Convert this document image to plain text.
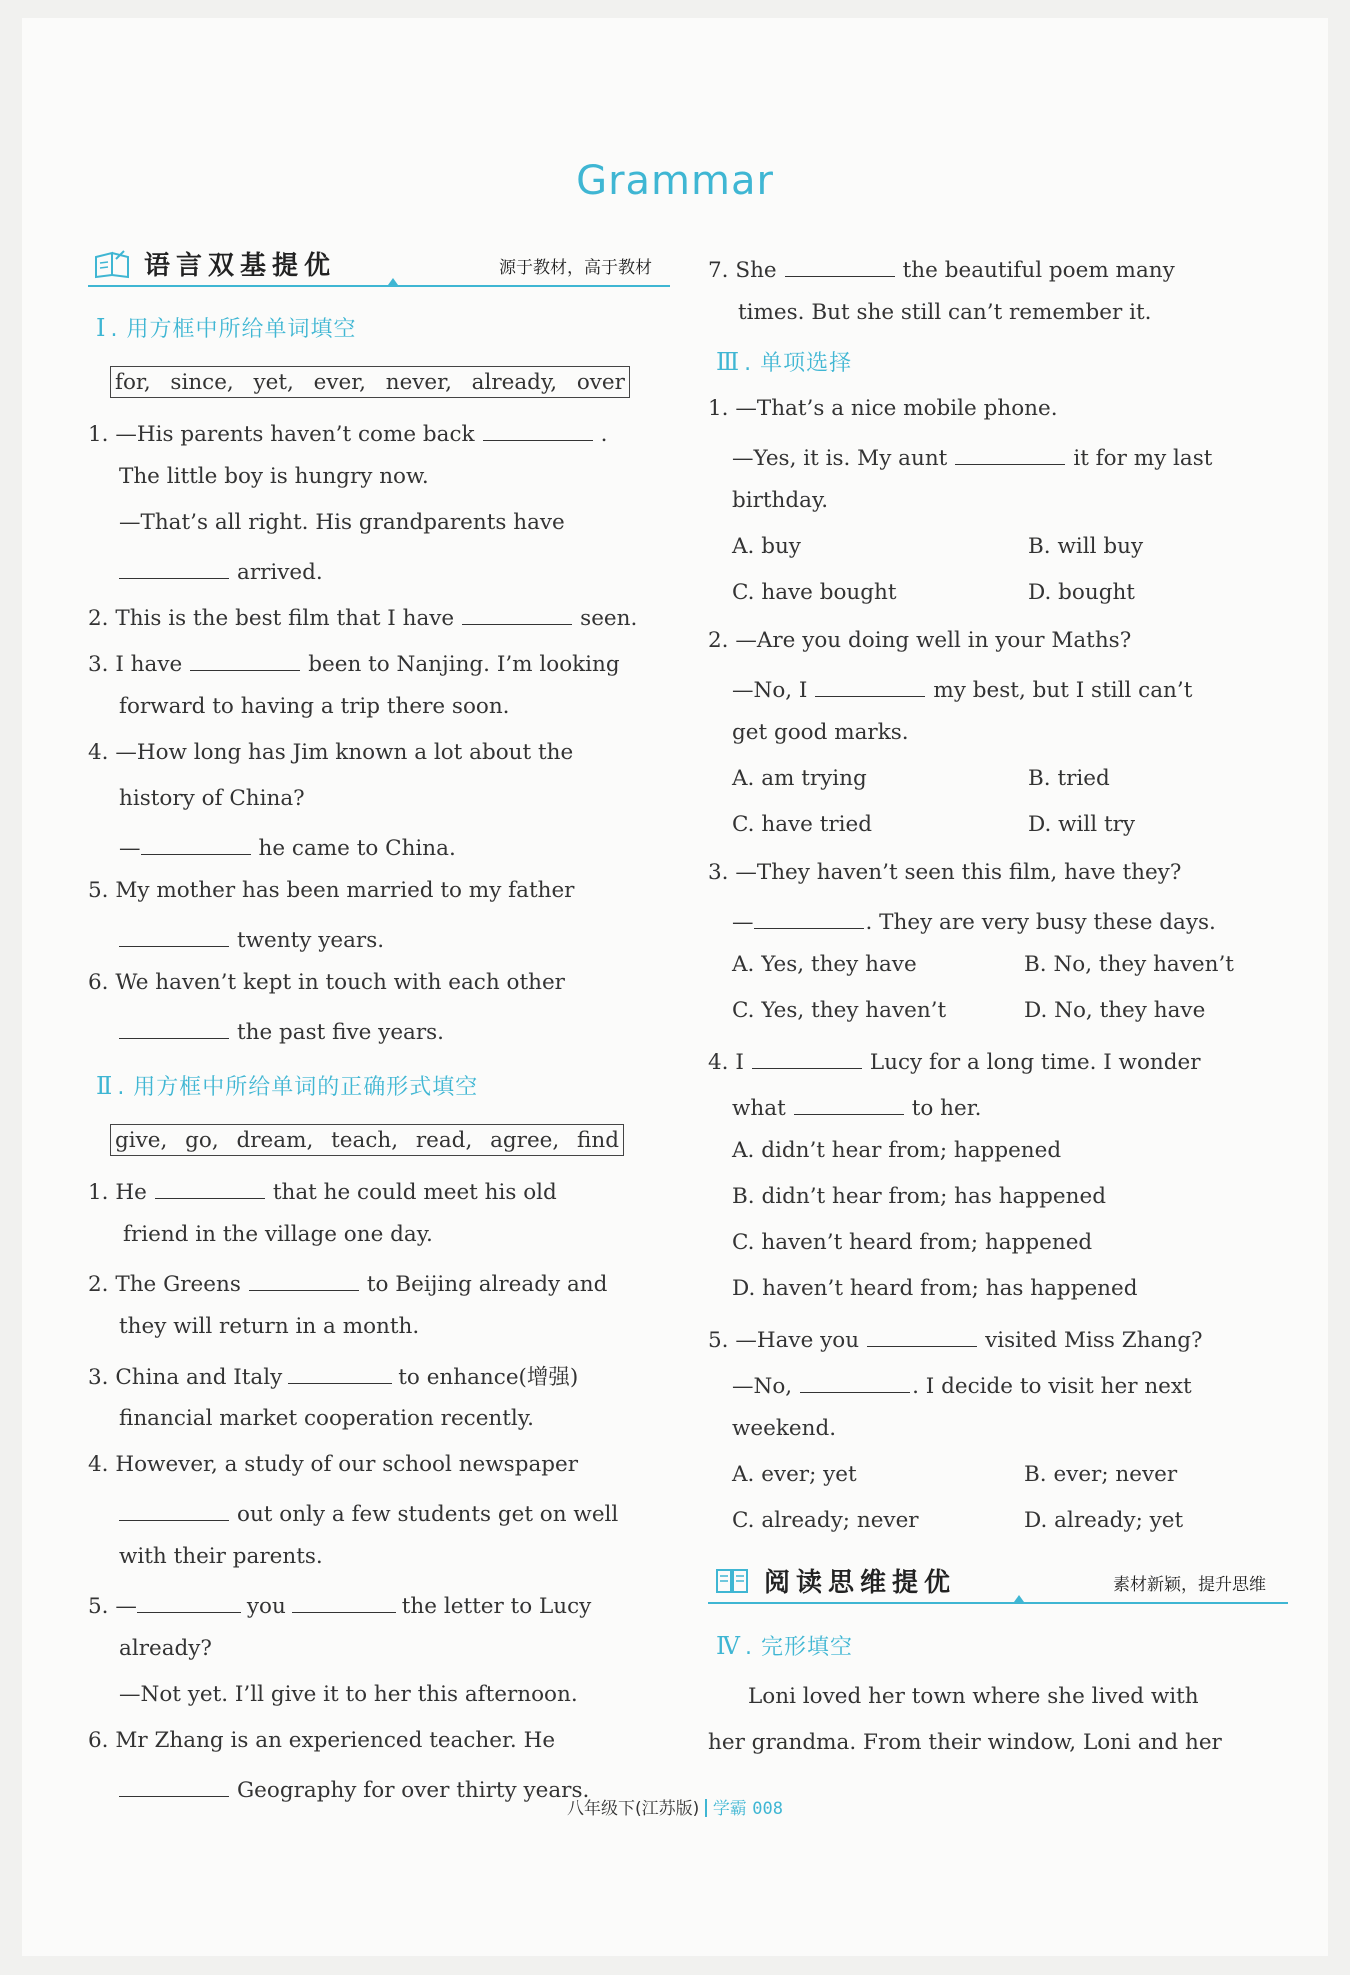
Grammar
语言双基提优	源于教材，高于教材
Ⅰ . 用方框中所给单词填空
for, since, yet, ever, never, already, over
1. —His parents haven’t come back	.
The little boy is hungry now.
—That’s all right. His grandparents have
arrived.
2. This is the best film that I have	seen.
3. I have	been to Nanjing. I’m looking
forward to having a trip there soon.
4. —How long has Jim known a lot about the
history of China?
—	he came to China.
5. My mother has been married to my father
twenty years.
6. We haven’t kept in touch with each other
the past five years.
Ⅱ . 用方框中所给单词的正确形式填空
give, go, dream, teach, read, agree, find
1. He	that he could meet his old
friend in the village one day.
2. The Greens	to Beijing already and
they will return in a month.
3. China and Italy	to enhance(增强)
financial market cooperation recently.
4. However, a study of our school newspaper
out only a few students get on well
with their parents.
5. —	you	the letter to Lucy
already?
—Not yet. I’ll give it to her this afternoon.
6. Mr Zhang is an experienced teacher. He
Geography for over thirty years.
7. She	the beautiful poem many
times. But she still can’t remember it.
Ⅲ . 单项选择
1. —That’s a nice mobile phone.
—Yes, it is. My aunt	it for my last
birthday.
A. buy	B. will buy
C. have bought	D. bought
2. —Are you doing well in your Maths?
—No, I	my best, but I still can’t
get good marks.
A. am trying	B. tried
C. have tried	D. will try
3. —They haven’t seen this film, have they?
—	. They are very busy these days.
A. Yes, they have	B. No, they haven’t
C. Yes, they haven’t	D. No, they have
4. I	Lucy for a long time. I wonder
what	to her.
A. didn’t hear from; happened
B. didn’t hear from; has happened
C. haven’t heard from; happened
D. haven’t heard from; has happened
5. —Have you	visited Miss Zhang?
—No,	. I decide to visit her next
weekend.
A. ever; yet	B. ever; never
C. already; never	D. already; yet
阅读思维提优	素材新颖，提升思维
Ⅳ . 完形填空
Loni loved her town where she lived with
her grandma. From their window, Loni and her
八年级下(江苏版) 学霸 008
